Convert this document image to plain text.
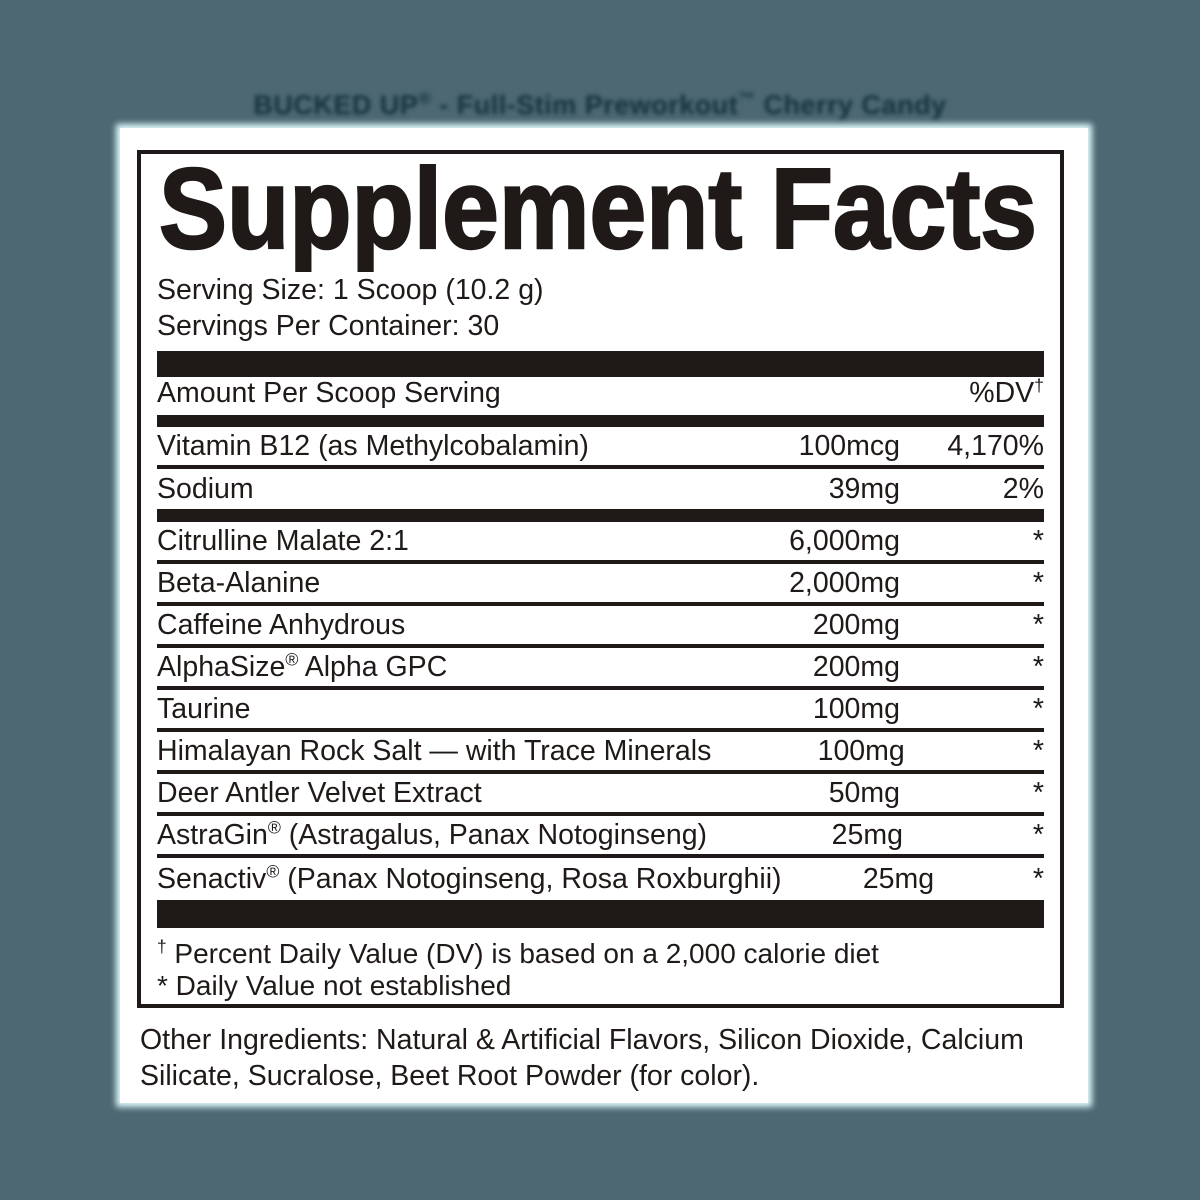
BUCKED UP® - Full-Stim Preworkout™ Cherry Candy
Supplement Facts
Serving Size: 1 Scoop (10.2 g)
Servings Per Container: 30
Amount Per Scoop Serving	%DV†
Vitamin B12 (as Methylcobalamin)	100mcg	4,170%
Sodium	39mg	2%
Citrulline Malate 2:1	6,000mg	*
Beta-Alanine	2,000mg	*
Caffeine Anhydrous	200mg	*
AlphaSize® Alpha GPC	200mg	*
Taurine	100mg	*
Himalayan Rock Salt — with Trace Minerals	100mg	*
Deer Antler Velvet Extract	50mg	*
AstraGin® (Astragalus, Panax Notoginseng)	25mg	*
Senactiv® (Panax Notoginseng, Rosa Roxburghii)	25mg	*
† Percent Daily Value (DV) is based on a 2,000 calorie diet
* Daily Value not established
Other Ingredients: Natural & Artificial Flavors, Silicon Dioxide, Calcium Silicate, Sucralose, Beet Root Powder (for color).
